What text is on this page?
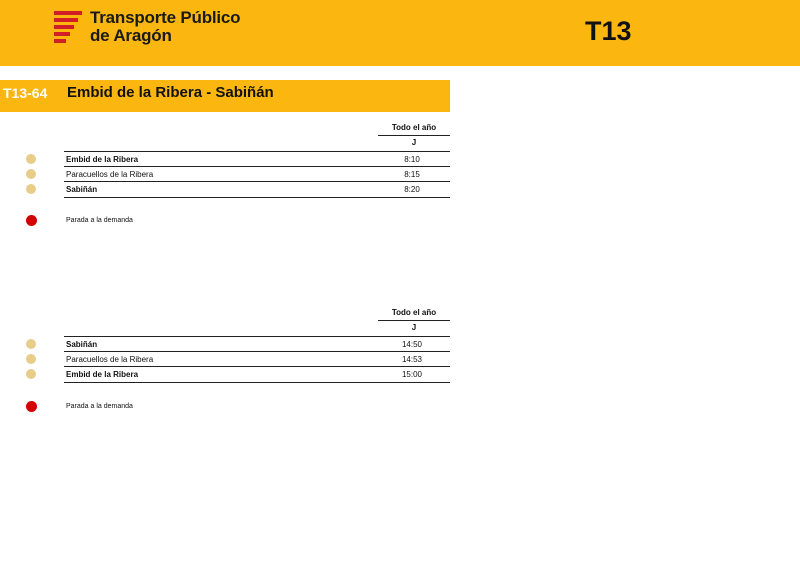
Transporte Público
de Aragón	T13
T13-64 Embid de la Ribera - Sabiñán
Todo el año
J
Embid de la Ribera	8:10
Paracuellos de la Ribera	8:15
Sabiñán	8:20
Parada a la demanda
Todo el año
J
Sabiñán	14:50
Paracuellos de la Ribera	14:53
Embid de la Ribera	15:00
Parada a la demanda
